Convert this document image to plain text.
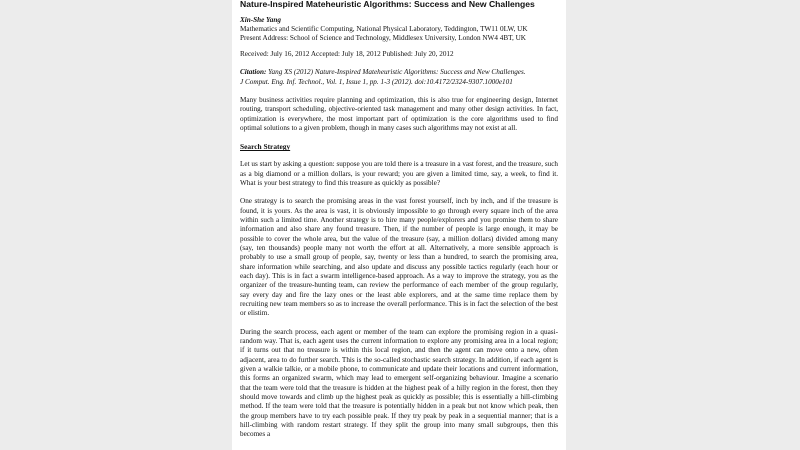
Nature-Inspired Mateheuristic Algorithms: Success and New Challenges
Xin-She Yang
Mathematics and Scientific Computing, National Physical Laboratory, Teddington, TW11 0LW, UK
Present Address: School of Science and Technology, Middlesex University, London NW4 4BT, UK
Received: July 16, 2012 Accepted: July 18, 2012 Published: July 20, 2012
Citation: Yang XS (2012) Nature-Inspired Mateheuristic Algorithms: Success and New Challenges.
J Comput. Eng. Inf. Technol., Vol. 1, Issue 1, pp. 1-3 (2012). doi:10.4172/2324-9307.1000e101
Many business activities require planning and optimization, this is also true for engineering design, Internet routing, transport scheduling, objective-oriented task management and many other design activities. In fact, optimization is everywhere, the most important part of optimization is the core algorithms used to find optimal solutions to a given problem, though in many cases such algorithms may not exist at all.
Search Strategy
Let us start by asking a question: suppose you are told there is a treasure in a vast forest, and the treasure, such as a big diamond or a million dollars, is your reward; you are given a limited time, say, a week, to find it. What is your best strategy to find this treasure as quickly as possible?
One strategy is to search the promising areas in the vast forest yourself, inch by inch, and if the treasure is found, it is yours. As the area is vast, it is obviously impossible to go through every square inch of the area within such a limited time. Another strategy is to hire many people/explorers and you promise them to share information and also share any found treasure. Then, if the number of people is large enough, it may be possible to cover the whole area, but the value of the treasure (say, a million dollars) divided among many (say, ten thousands) people many not worth the effort at all. Alternatively, a more sensible approach is probably to use a small group of people, say, twenty or less than a hundred, to search the promising area, share information while searching, and also update and discuss any possible tactics regularly (each hour or each day). This is in fact a swarm intelligence-based approach. As a way to improve the strategy, you as the organizer of the treasure-hunting team, can review the performance of each member of the group regularly, say every day and fire the lazy ones or the least able explorers, and at the same time replace them by recruiting new team members so as to increase the overall performance. This is in fact the selection of the best or elistim.
During the search process, each agent or member of the team can explore the promising region in a quasi-random way. That is, each agent uses the current information to explore any promising area in a local region; if it turns out that no treasure is within this local region, and then the agent can move onto a new, often adjacent, area to do further search. This is the so-called stochastic search strategy. In addition, if each agent is given a walkie talkie, or a mobile phone, to communicate and update their locations and current information, this forms an organized swarm, which may lead to emergent self-organizing behaviour. Imagine a scenario that the team were told that the treasure is hidden at the highest peak of a hilly region in the forest, then they should move towards and climb up the highest peak as quickly as possible; this is essentially a hill-climbing method. If the team were told that the treasure is potentially hidden in a peak but not know which peak, then the group members have to try each possible peak. If they try peak by peak in a sequential manner; that is a hill-climbing with random restart strategy. If they split the group into many small subgroups, then this becomes a
